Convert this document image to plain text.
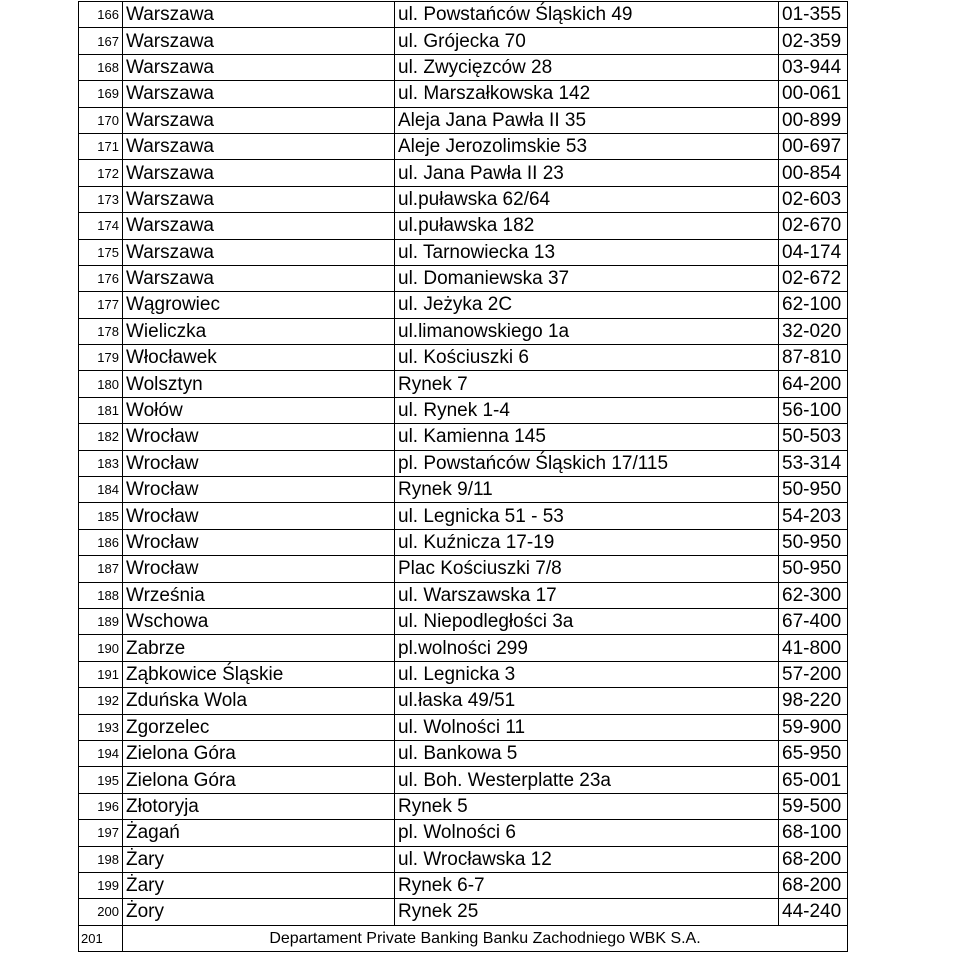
166	Warszawa	ul. Powstańców Śląskich 49	01-355
167	Warszawa	ul. Grójecka 70	02-359
168	Warszawa	ul. Zwycięzców 28	03-944
169	Warszawa	ul. Marszałkowska 142	00-061
170	Warszawa	Aleja Jana Pawła II 35	00-899
171	Warszawa	Aleje Jerozolimskie 53	00-697
172	Warszawa	ul. Jana Pawła II 23	00-854
173	Warszawa	ul.puławska 62/64	02-603
174	Warszawa	ul.puławska 182	02-670
175	Warszawa	ul. Tarnowiecka 13	04-174
176	Warszawa	ul. Domaniewska 37	02-672
177	Wągrowiec	ul. Jeżyka 2C	62-100
178	Wieliczka	ul.limanowskiego 1a	32-020
179	Włocławek	ul. Kościuszki 6	87-810
180	Wolsztyn	Rynek 7	64-200
181	Wołów	ul. Rynek 1-4	56-100
182	Wrocław	ul. Kamienna 145	50-503
183	Wrocław	pl. Powstańców Śląskich 17/115	53-314
184	Wrocław	Rynek 9/11	50-950
185	Wrocław	ul. Legnicka 51 - 53	54-203
186	Wrocław	ul. Kuźnicza 17-19	50-950
187	Wrocław	Plac Kościuszki 7/8	50-950
188	Września	ul. Warszawska 17	62-300
189	Wschowa	ul. Niepodległości 3a	67-400
190	Zabrze	pl.wolności 299	41-800
191	Ząbkowice Śląskie	ul. Legnicka 3	57-200
192	Zduńska Wola	ul.łaska 49/51	98-220
193	Zgorzelec	ul. Wolności 11	59-900
194	Zielona Góra	ul. Bankowa 5	65-950
195	Zielona Góra	ul. Boh. Westerplatte 23a	65-001
196	Złotoryja	Rynek 5	59-500
197	Żagań	pl. Wolności 6	68-100
198	Żary	ul. Wrocławska 12	68-200
199	Żary	Rynek 6-7	68-200
200	Żory	Rynek 25	44-240
201	Departament Private Banking Banku Zachodniego WBK S.A.		
